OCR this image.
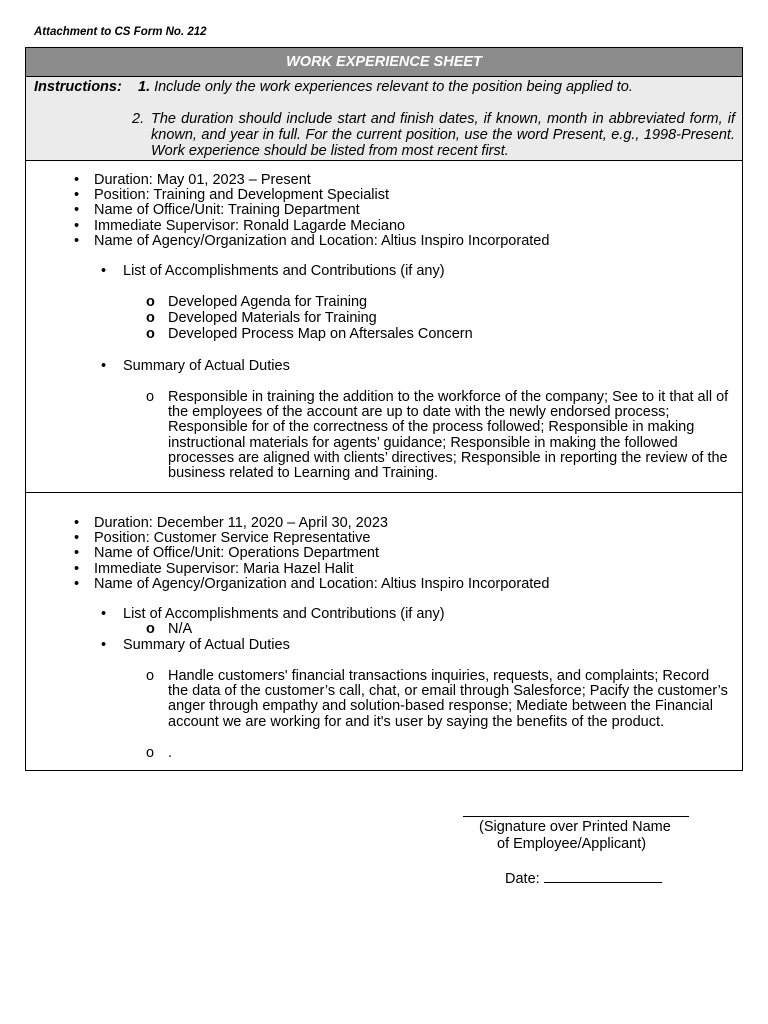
Attachment to CS Form No. 212
WORK EXPERIENCE SHEET
Instructions: 1. Include only the work experiences relevant to the position being applied to.
2. The duration should include start and finish dates, if known, month in abbreviated form, if known, and year in full. For the current position, use the word Present, e.g., 1998-Present. Work experience should be listed from most recent first.
• Duration: May 01, 2023 – Present
• Position: Training and Development Specialist
• Name of Office/Unit: Training Department
• Immediate Supervisor: Ronald Lagarde Meciano
• Name of Agency/Organization and Location: Altius Inspiro Incorporated
• List of Accomplishments and Contributions (if any)
o Developed Agenda for Training
o Developed Materials for Training
o Developed Process Map on Aftersales Concern
• Summary of Actual Duties
o Responsible in training the addition to the workforce of the company; See to it that all of the employees of the account are up to date with the newly endorsed process; Responsible for of the correctness of the process followed; Responsible in making instructional materials for agents’ guidance; Responsible in making the followed processes are aligned with clients’ directives; Responsible in reporting the review of the business related to Learning and Training.
• Duration: December 11, 2020 – April 30, 2023
• Position: Customer Service Representative
• Name of Office/Unit: Operations Department
• Immediate Supervisor: Maria Hazel Halit
• Name of Agency/Organization and Location: Altius Inspiro Incorporated
• List of Accomplishments and Contributions (if any)
o N/A
• Summary of Actual Duties
o Handle customers' financial transactions inquiries, requests, and complaints; Record the data of the customer’s call, chat, or email through Salesforce; Pacify the customer’s anger through empathy and solution-based response; Mediate between the Financial account we are working for and it's user by saying the benefits of the product.
o .
(Signature over Printed Name
of Employee/Applicant)
Date:
